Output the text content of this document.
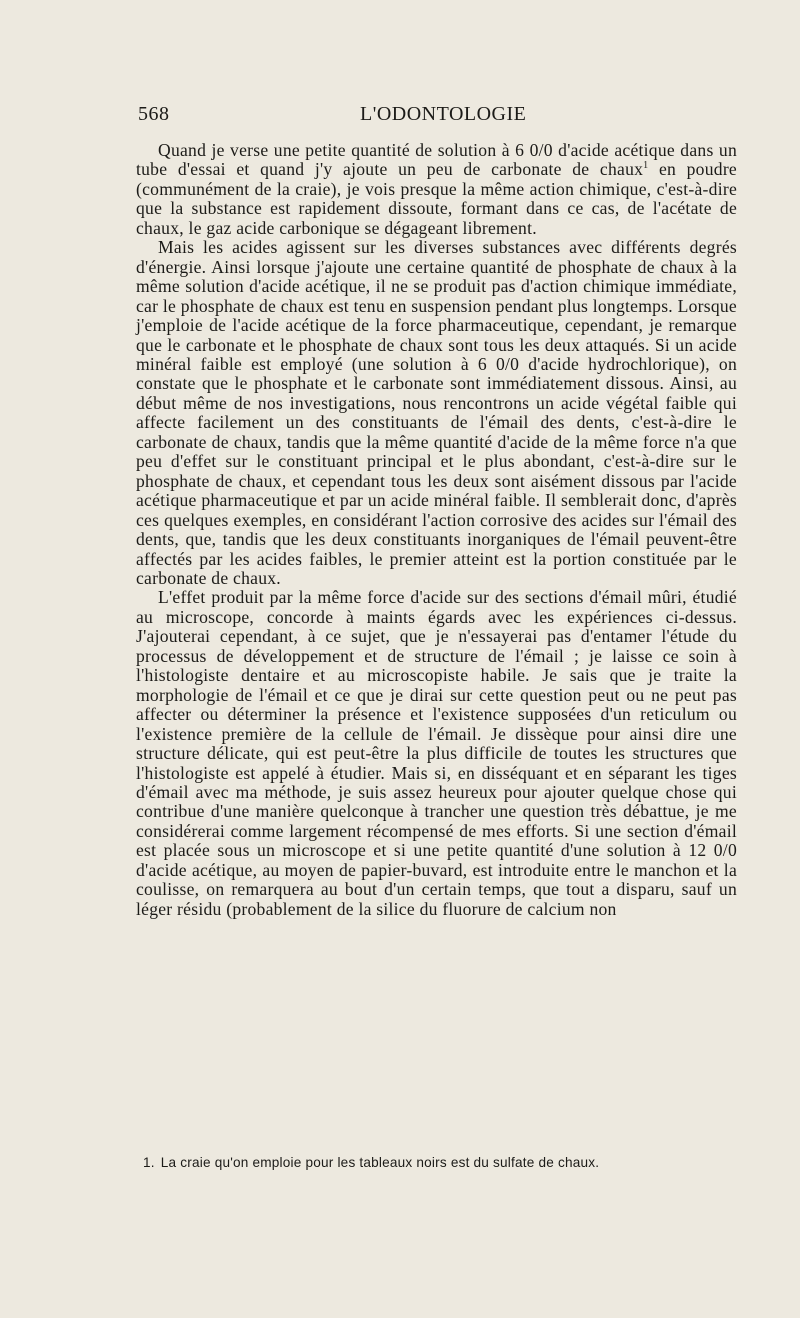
568	L'ODONTOLOGIE

Quand je verse une petite quantité de solution à 6 0/0 d'acide acétique dans un tube d'essai et quand j'y ajoute un peu de carbonate de chaux$^1$ en poudre (communément de la craie), je vois presque la même action chimique, c'est-à-dire que la substance est rapidement dissoute, formant dans ce cas, de l'acétate de chaux, le gaz acide carbonique se dégageant librement.

Mais les acides agissent sur les diverses substances avec différents degrés d'énergie. Ainsi lorsque j'ajoute une certaine quantité de phosphate de chaux à la même solution d'acide acétique, il ne se produit pas d'action chimique immédiate, car le phosphate de chaux est tenu en suspension pendant plus longtemps. Lorsque j'emploie de l'acide acétique de la force pharmaceutique, cependant, je remarque que le carbonate et le phosphate de chaux sont tous les deux attaqués. Si un acide minéral faible est employé (une solution à 6 0/0 d'acide hydrochlorique), on constate que le phosphate et le carbonate sont immédiatement dissous. Ainsi, au début même de nos investigations, nous rencontrons un acide végétal faible qui affecte facilement un des constituants de l'émail des dents, c'est-à-dire le carbonate de chaux, tandis que la même quantité d'acide de la même force n'a que peu d'effet sur le constituant principal et le plus abondant, c'est-à-dire sur le phosphate de chaux, et cependant tous les deux sont aisément dissous par l'acide acétique pharmaceutique et par un acide minéral faible. Il semblerait donc, d'après ces quelques exemples, en considérant l'action corrosive des acides sur l'émail des dents, que, tandis que les deux constituants inorganiques de l'émail peuvent-être affectés par les acides faibles, le premier atteint est la portion constituée par le carbonate de chaux.

L'effet produit par la même force d'acide sur des sections d'émail mûri, étudié au microscope, concorde à maints égards avec les expériences ci-dessus. J'ajouterai cependant, à ce sujet, que je n'essayerai pas d'entamer l'étude du processus de développement et de structure de l'émail ; je laisse ce soin à l'histologiste dentaire et au microscopiste habile. Je sais que je traite la morphologie de l'émail et ce que je dirai sur cette question peut ou ne peut pas affecter ou déterminer la présence et l'existence supposées d'un reticulum ou l'existence première de la cellule de l'émail. Je dissèque pour ainsi dire une structure délicate, qui est peut-être la plus difficile de toutes les structures que l'histologiste est appelé à étudier. Mais si, en disséquant et en séparant les tiges d'émail avec ma méthode, je suis assez heureux pour ajouter quelque chose qui contribue d'une manière quelconque à trancher une question très débattue, je me considérerai comme largement récompensé de mes efforts. Si une section d'émail est placée sous un microscope et si une petite quantité d'une solution à 12 0/0 d'acide acétique, au moyen de papier-buvard, est introduite entre le manchon et la coulisse, on remarquera au bout d'un certain temps, que tout a disparu, sauf un léger résidu (probablement de la silice du fluorure de calcium non

1. La craie qu'on emploie pour les tableaux noirs est du sulfate de chaux.
